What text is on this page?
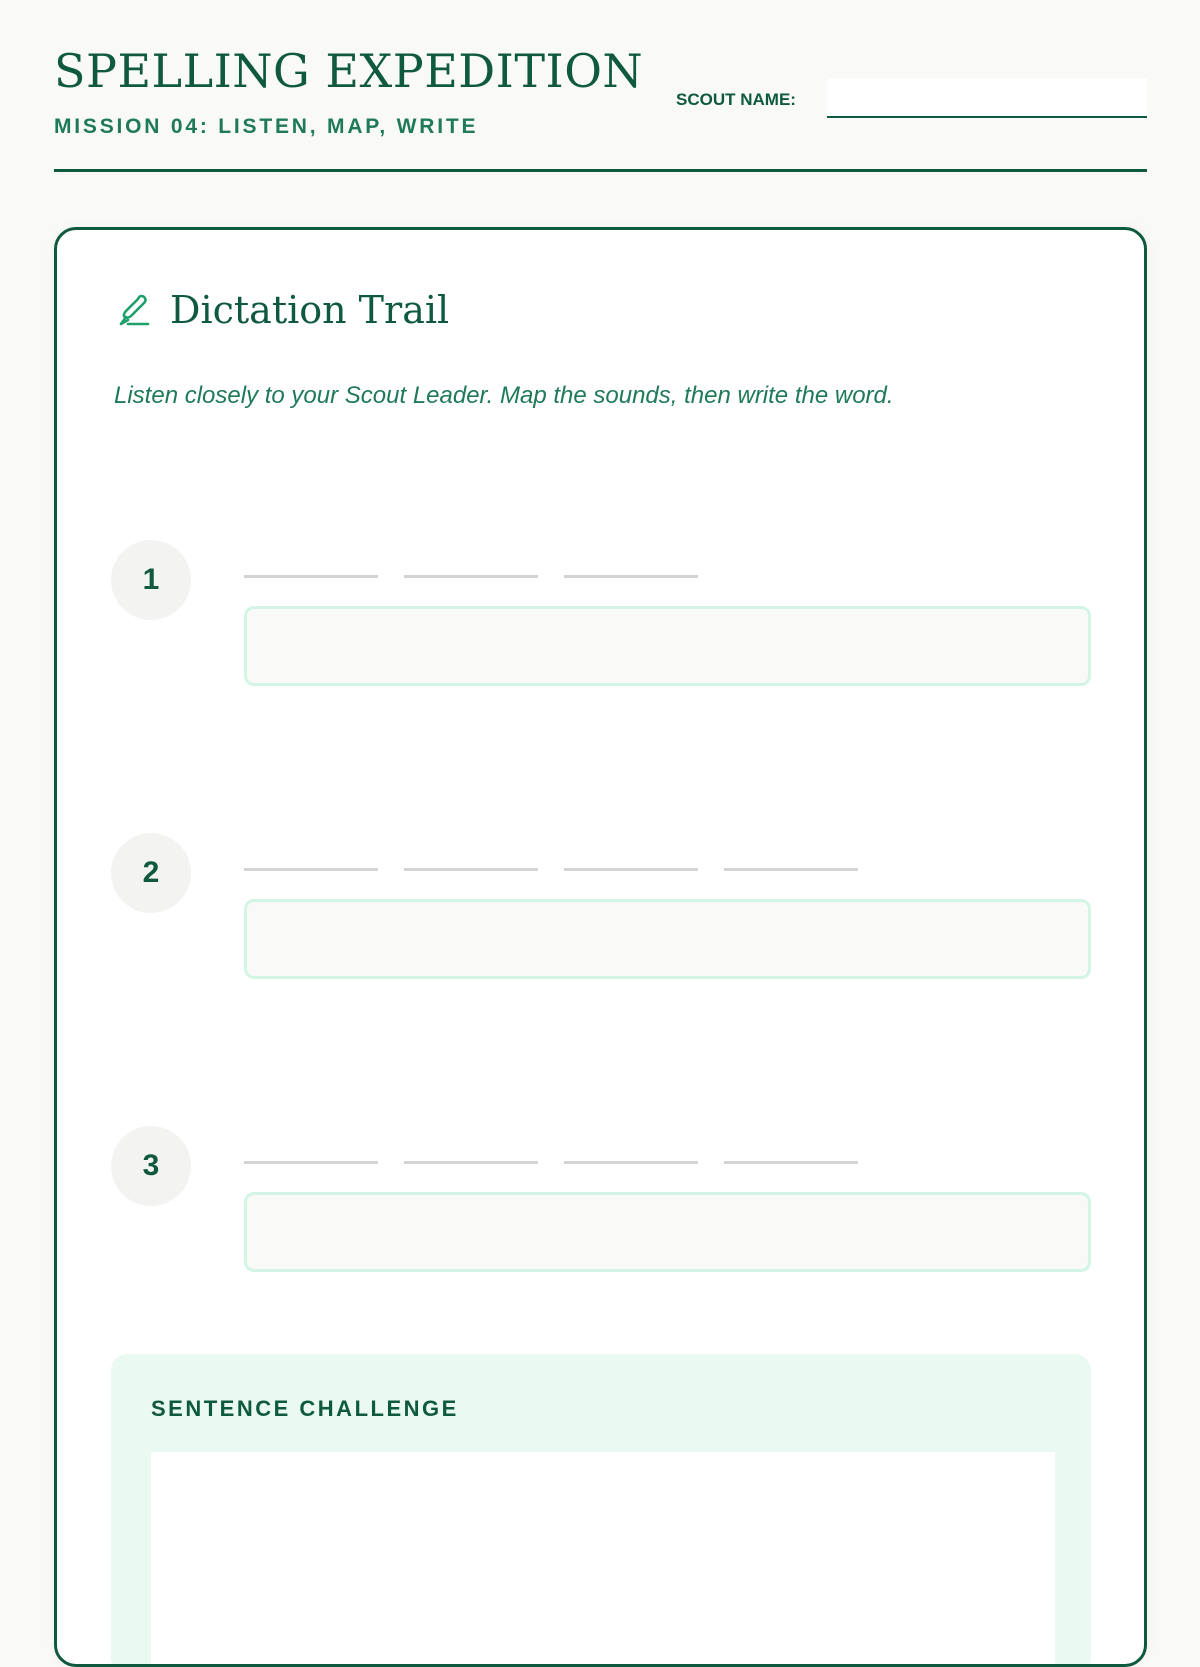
SPELLING EXPEDITION
MISSION 04: LISTEN, MAP, WRITE
SCOUT NAME:
Dictation Trail
Listen closely to your Scout Leader. Map the sounds, then write the word.
1
2
3
SENTENCE CHALLENGE
